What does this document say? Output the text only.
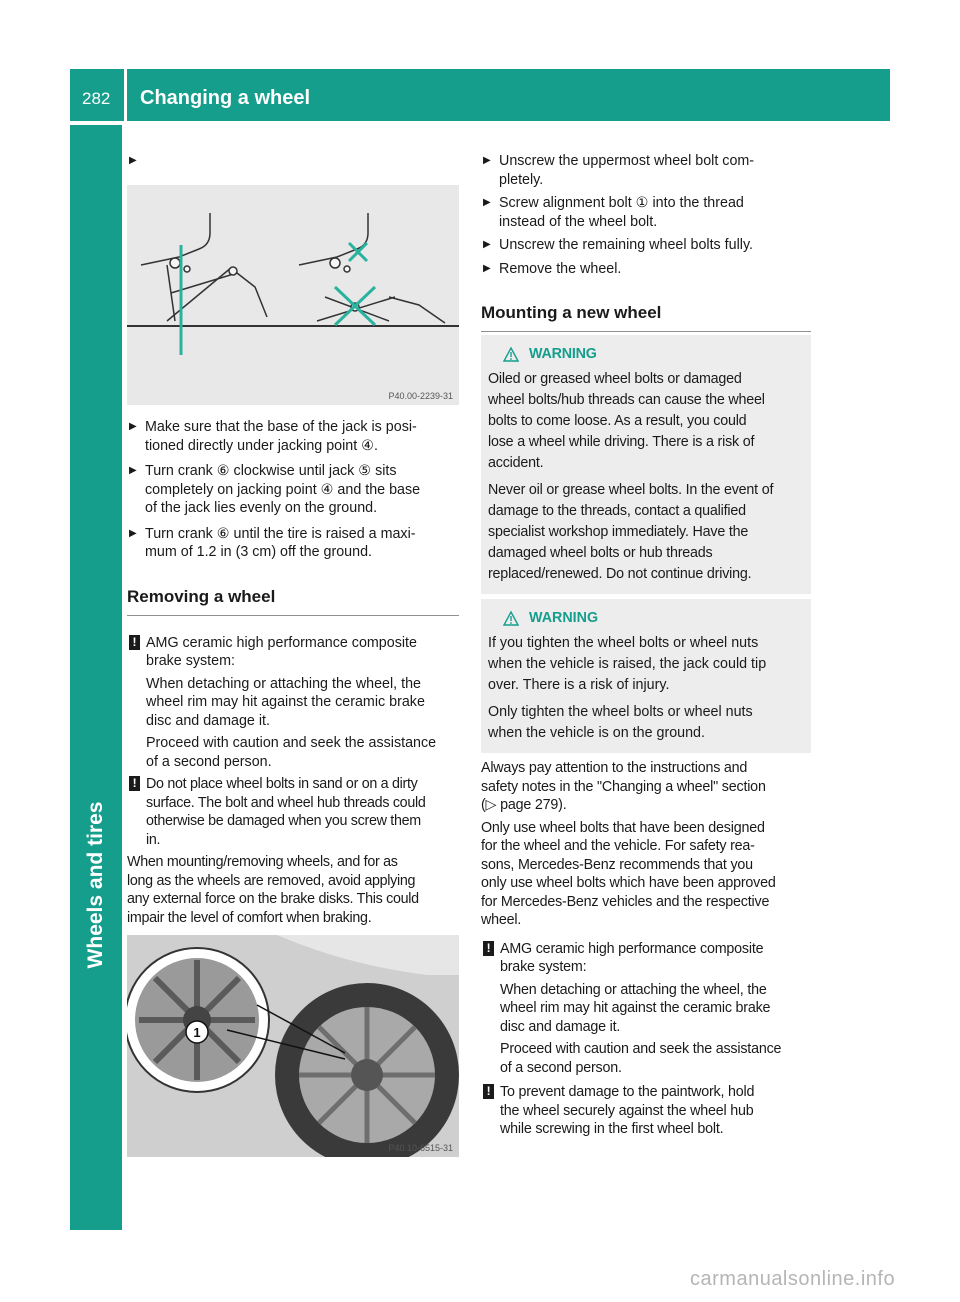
282 Changing a wheel
Wheels and tires

▶

P40.00-2239-31
▶ Make sure that the base of the jack is posi-
tioned directly under jacking point ④.

▶ Turn crank ⑥ clockwise until jack ⑤ sits
completely on jacking point ④ and the base
of the jack lies evenly on the ground.

▶ Turn crank ⑥ until the tire is raised a maxi-
mum of 1.2 in (3 cm) off the ground.

Removing a wheel
! AMG ceramic high performance composite
brake system:

When detaching or attaching the wheel, the
wheel rim may hit against the ceramic brake
disc and damage it.

Proceed with caution and seek the assistance
of a second person.

! Do not place wheel bolts in sand or on a dirty
surface. The bolt and wheel hub threads could
otherwise be damaged when you screw them
in.

When mounting/removing wheels, and for as
long as the wheels are removed, avoid applying
any external force on the brake disks. This could
impair the level of comfort when braking.

1
P40.10-6515-31
▶ Unscrew the uppermost wheel bolt com-
pletely.

▶ Screw alignment bolt ① into the thread
instead of the wheel bolt.

▶ Unscrew the remaining wheel bolts fully.

▶ Remove the wheel.

Mounting a new wheel
WARNING

Oiled or greased wheel bolts or damaged
wheel bolts/hub threads can cause the wheel
bolts to come loose. As a result, you could
lose a wheel while driving. There is a risk of
accident.

Never oil or grease wheel bolts. In the event of
damage to the threads, contact a qualified
specialist workshop immediately. Have the
damaged wheel bolts or hub threads
replaced/renewed. Do not continue driving.

WARNING

If you tighten the wheel bolts or wheel nuts
when the vehicle is raised, the jack could tip
over. There is a risk of injury.

Only tighten the wheel bolts or wheel nuts
when the vehicle is on the ground.

Always pay attention to the instructions and
safety notes in the "Changing a wheel" section
(▷ page 279).

Only use wheel bolts that have been designed
for the wheel and the vehicle. For safety rea-
sons, Mercedes-Benz recommends that you
only use wheel bolts which have been approved
for Mercedes-Benz vehicles and the respective
wheel.

! AMG ceramic high performance composite
brake system:

When detaching or attaching the wheel, the
wheel rim may hit against the ceramic brake
disc and damage it.

Proceed with caution and seek the assistance
of a second person.

! To prevent damage to the paintwork, hold
the wheel securely against the wheel hub
while screwing in the first wheel bolt.

carmanualsonline.info
